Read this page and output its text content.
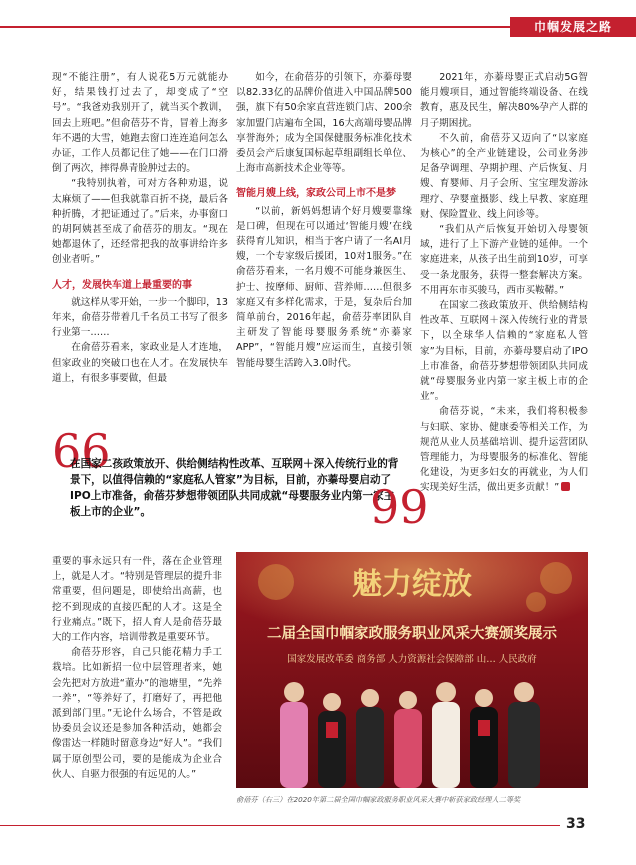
巾帼发展之路

现“不能注册”，有人说花5万元就能办好，结果钱打过去了，却变成了“空号”。“我爸劝我别开了，就当买个教训，回去上班吧。”但俞蓓芬不肯，冒着上海多年不遇的大雪，她跑去窗口连连追问怎么办证，工作人员都记住了她——在门口滑倒了两次，摔得鼻青脸肿过去的。

“我特别执着，可对方各种劝退，说太麻烦了——但我就靠百折不挠，最后各种折腾，才把证通过了。”后来，办事窗口的胡阿姨甚至成了俞蓓芬的朋友。“现在她都退休了，还经常把我的故事讲给许多创业者听。”

人才，发展快车道上最重要的事

就这样从零开始，一步一个脚印，13年来，俞蓓芬带着几千名员工书写了很多行业第一……

在俞蓓芬看来，家政业是人才连地，但家政业的突破口也在人才。在发展快车道上，有很多事要做，但最

如今，在俞蓓芬的引领下，亦蓁母婴以82.33亿的品牌价值进入中国品牌500强，旗下有50余家直营连锁门店、200余家加盟门店遍布全国，16大高端母婴品牌享誉海外；成为全国保健服务标准化技术委员会产后康复国标起草组副组长单位、上海市高新技术企业等等。

智能月嫂上线，家政公司上市不是梦

“以前，新妈妈想请个好月嫂要靠缘是口碑，但现在可以通过‘智能月嫂’在线获得育儿知识，相当于客户请了一名AI月嫂，一个专家级后援团，10对1服务。”在俞蓓芬看来，一名月嫂不可能身兼医生、护士、按摩师、厨师、营养师……但很多家庭又有多样化需求，于是，复杂后台加简单前台，2016年起，俞蓓芬率团队自主研发了智能母婴服务系统“亦蓁家APP”，“智能月嫂”应运而生，直接引领智能母婴生活跨入3.0时代。

2021年，亦蓁母婴正式启动5G智能月嫂项目，通过智能终端设备、在线教育，惠及民生，解决80%孕产人群的月子期困扰。

不久前，俞蓓芬又迈向了“以家庭为核心”的全产业链建设，公司业务涉足备孕调理、孕期护理、产后恢复、月嫂、育婴师、月子会所、宝宝理发游泳理疗、孕婴童摄影、线上早教、家庭理财、保险置业、线上问诊等。

“我们从产后恢复开始切入母婴领域，进行了上下游产业链的延伸。一个家庭进来，从孩子出生前到10岁，可享受一条龙服务，获得一整套解决方案。不用再东市买骏马，西市买鞍鞯。”

在国家二孩政策放开、供给侧结构性改革、互联网＋深入传统行业的背景下，以全球华人信赖的“家庭私人管家”为目标，目前，亦蓁母婴启动了IPO上市准备，俞蓓芬梦想带领团队共同成就“母婴服务业内第一家主板上市的企业”。

俞蓓芬说，“未来，我们将积极参与妇联、家协、健康委等相关工作，为规范从业人员基础培训、提升运营团队管理能力，为母婴服务的标准化、智能化建设，为更多妇女的再就业，为人们实现美好生活，做出更多贡献！”

66
在国家二孩政策放开、供给侧结构性改革、互联网＋深入传统行业的背景下，以值得信赖的“家庭私人管家”为目标，目前，亦蓁母婴启动了IPO上市准备，俞蓓芬梦想带领团队共同成就“母婴服务业内第一家主板上市的企业”。	99

重要的事永远只有一件，落在企业管理上，就是人才。“特别是管理层的提升非常重要，但问题是，即使给出高薪，也挖不到现成的直接匹配的人才。这是全行业痛点。”既下，招人育人是俞蓓芬最大的工作内容，培训带教是重要环节。

俞蓓芬形容，自己只能花精力手工栽培。比如新招一位中层管理者来，她会先把对方放进“董办”的池塘里，“先养一养”，“等养好了，打磨好了，再把他派到部门里。”无论什么场合，不管是政协委员会议还是参加各种活动，她都会像雷达一样随时留意身边“好人”。“我们属于原创型公司，要的是能成为企业合伙人、自驱力很强的有远见的人。”

魅力绽放
二届全国巾帼家政服务职业风采大赛颁奖展示
国家发展改革委 商务部 人力资源社会保障部 山… 人民政府
俞蓓芬（右三）在2020年第二届全国巾帼家政服务职业风采大赛中斩获家政经理人二等奖
33
